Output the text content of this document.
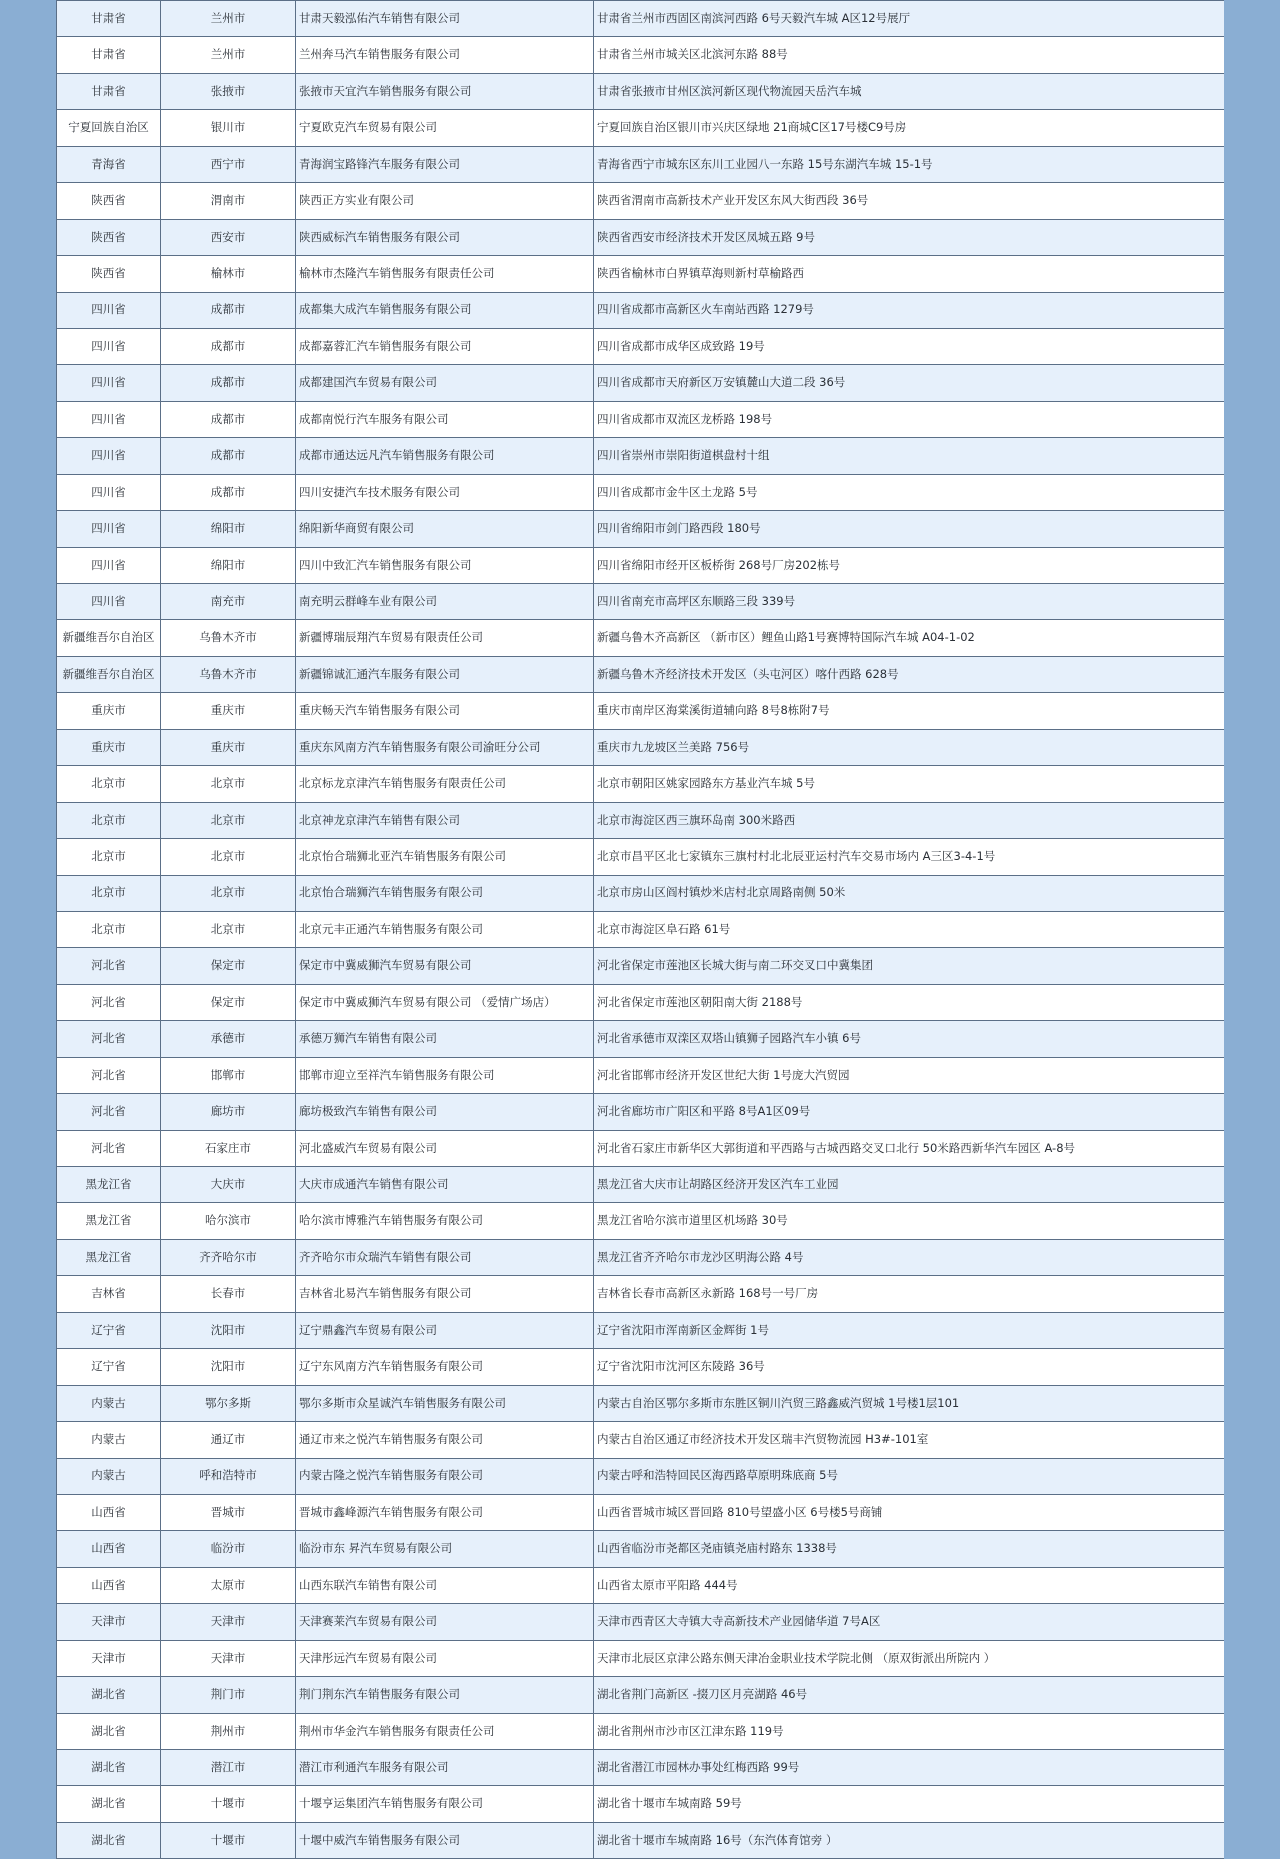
甘肃省	兰州市	甘肃天毅泓佑汽车销售有限公司	甘肃省兰州市西固区南滨河西路 6号天毅汽车城 A区12号展厅
甘肃省	兰州市	兰州奔马汽车销售服务有限公司	甘肃省兰州市城关区北滨河东路 88号
甘肃省	张掖市	张掖市天宜汽车销售服务有限公司	甘肃省张掖市甘州区滨河新区现代物流园天岳汽车城
宁夏回族自治区	银川市	宁夏欧克汽车贸易有限公司	宁夏回族自治区银川市兴庆区绿地 21商城C区17号楼C9号房
青海省	西宁市	青海润宝路锋汽车服务有限公司	青海省西宁市城东区东川工业园八一东路 15号东湖汽车城 15-1号
陕西省	渭南市	陕西正方实业有限公司	陕西省渭南市高新技术产业开发区东风大街西段 36号
陕西省	西安市	陕西威标汽车销售服务有限公司	陕西省西安市经济技术开发区凤城五路 9号
陕西省	榆林市	榆林市杰隆汽车销售服务有限责任公司	陕西省榆林市白界镇草海则新村草榆路西
四川省	成都市	成都集大成汽车销售服务有限公司	四川省成都市高新区火车南站西路 1279号
四川省	成都市	成都嘉蓉汇汽车销售服务有限公司	四川省成都市成华区成致路 19号
四川省	成都市	成都建国汽车贸易有限公司	四川省成都市天府新区万安镇麓山大道二段 36号
四川省	成都市	成都南悦行汽车服务有限公司	四川省成都市双流区龙桥路 198号
四川省	成都市	成都市通达远凡汽车销售服务有限公司	四川省崇州市崇阳街道棋盘村十组
四川省	成都市	四川安捷汽车技术服务有限公司	四川省成都市金牛区土龙路 5号
四川省	绵阳市	绵阳新华商贸有限公司	四川省绵阳市剑门路西段 180号
四川省	绵阳市	四川中致汇汽车销售服务有限公司	四川省绵阳市经开区板桥街 268号厂房202栋号
四川省	南充市	南充明云群峰车业有限公司	四川省南充市高坪区东顺路三段 339号
新疆维吾尔自治区	乌鲁木齐市	新疆博瑞辰翔汽车贸易有限责任公司	新疆乌鲁木齐高新区 （新市区）鲤鱼山路1号赛博特国际汽车城 A04-1-02
新疆维吾尔自治区	乌鲁木齐市	新疆锦诚汇通汽车服务有限公司	新疆乌鲁木齐经济技术开发区（头屯河区）喀什西路 628号
重庆市	重庆市	重庆畅天汽车销售服务有限公司	重庆市南岸区海棠溪街道辅向路 8号8栋附7号
重庆市	重庆市	重庆东风南方汽车销售服务有限公司渝旺分公司	重庆市九龙坡区兰美路 756号
北京市	北京市	北京标龙京津汽车销售服务有限责任公司	北京市朝阳区姚家园路东方基业汽车城 5号
北京市	北京市	北京神龙京津汽车销售有限公司	北京市海淀区西三旗环岛南 300米路西
北京市	北京市	北京怡合瑞狮北亚汽车销售服务有限公司	北京市昌平区北七家镇东三旗村村北北辰亚运村汽车交易市场内 A三区3-4-1号
北京市	北京市	北京怡合瑞狮汽车销售服务有限公司	北京市房山区阎村镇炒米店村北京周路南侧 50米
北京市	北京市	北京元丰正通汽车销售服务有限公司	北京市海淀区阜石路 61号
河北省	保定市	保定市中冀威狮汽车贸易有限公司	河北省保定市莲池区长城大街与南二环交叉口中冀集团
河北省	保定市	保定市中冀威狮汽车贸易有限公司 （爱情广场店）	河北省保定市莲池区朝阳南大街 2188号
河北省	承德市	承德万狮汽车销售有限公司	河北省承德市双滦区双塔山镇狮子园路汽车小镇 6号
河北省	邯郸市	邯郸市迎立至祥汽车销售服务有限公司	河北省邯郸市经济开发区世纪大街 1号庞大汽贸园
河北省	廊坊市	廊坊极致汽车销售有限公司	河北省廊坊市广阳区和平路 8号A1区09号
河北省	石家庄市	河北盛威汽车贸易有限公司	河北省石家庄市新华区大郭街道和平西路与古城西路交叉口北行 50米路西新华汽车园区 A-8号
黑龙江省	大庆市	大庆市成通汽车销售有限公司	黑龙江省大庆市让胡路区经济开发区汽车工业园
黑龙江省	哈尔滨市	哈尔滨市博雅汽车销售服务有限公司	黑龙江省哈尔滨市道里区机场路 30号
黑龙江省	齐齐哈尔市	齐齐哈尔市众瑞汽车销售有限公司	黑龙江省齐齐哈尔市龙沙区明海公路 4号
吉林省	长春市	吉林省北易汽车销售服务有限公司	吉林省长春市高新区永新路 168号一号厂房
辽宁省	沈阳市	辽宁鼎鑫汽车贸易有限公司	辽宁省沈阳市浑南新区金辉街 1号
辽宁省	沈阳市	辽宁东风南方汽车销售服务有限公司	辽宁省沈阳市沈河区东陵路 36号
内蒙古	鄂尔多斯	鄂尔多斯市众星诚汽车销售服务有限公司	内蒙古自治区鄂尔多斯市东胜区铜川汽贸三路鑫威汽贸城 1号楼1层101
内蒙古	通辽市	通辽市来之悦汽车销售服务有限公司	内蒙古自治区通辽市经济技术开发区瑞丰汽贸物流园 H3#-101室
内蒙古	呼和浩特市	内蒙古隆之悦汽车销售服务有限公司	内蒙古呼和浩特回民区海西路草原明珠底商 5号
山西省	晋城市	晋城市鑫峰源汽车销售服务有限公司	山西省晋城市城区晋回路 810号望盛小区 6号楼5号商铺
山西省	临汾市	临汾市东 昇汽车贸易有限公司	山西省临汾市尧都区尧庙镇尧庙村路东 1338号
山西省	太原市	山西东联汽车销售有限公司	山西省太原市平阳路 444号
天津市	天津市	天津赛莱汽车贸易有限公司	天津市西青区大寺镇大寺高新技术产业园储华道 7号A区
天津市	天津市	天津彤远汽车贸易有限公司	天津市北辰区京津公路东侧天津冶金职业技术学院北侧 （原双街派出所院内 ）
湖北省	荆门市	荆门荆东汽车销售服务有限公司	湖北省荆门高新区 -掇刀区月亮湖路 46号
湖北省	荆州市	荆州市华金汽车销售服务有限责任公司	湖北省荆州市沙市区江津东路 119号
湖北省	潜江市	潜江市利通汽车服务有限公司	湖北省潜江市园林办事处红梅西路 99号
湖北省	十堰市	十堰亨运集团汽车销售服务有限公司	湖北省十堰市车城南路 59号
湖北省	十堰市	十堰中威汽车销售服务有限公司	湖北省十堰市车城南路 16号（东汽体育馆旁 ）
